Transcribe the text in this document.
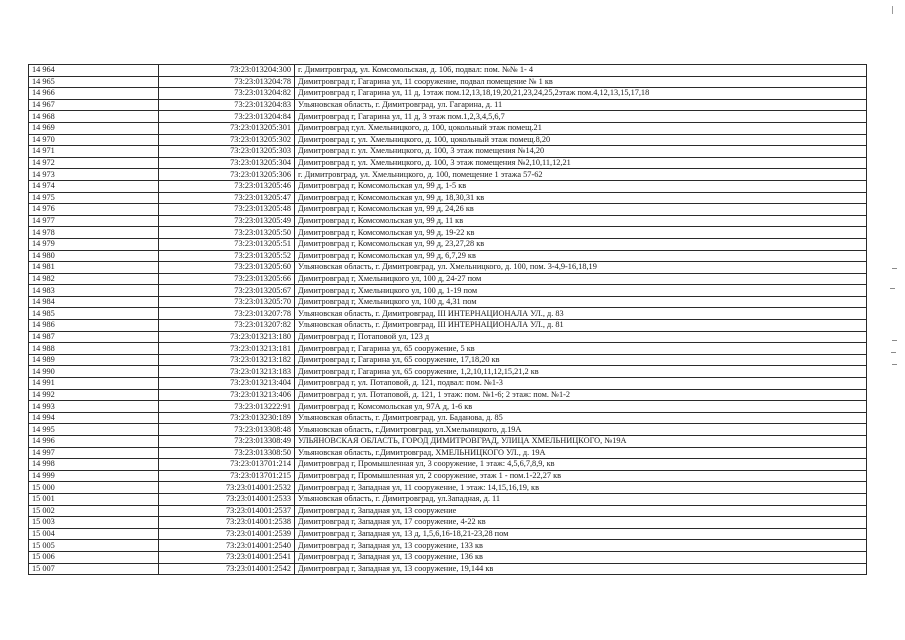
14 964	73:23:013204:300	г. Димитровград, ул. Комсомольская, д. 106, подвал: пом. №№ 1- 4
14 965	73:23:013204:78	Димитровград г, Гагарина ул, 11 сооружение, подвал помещение № 1 кв
14 966	73:23:013204:82	Димитровград г, Гагарина ул, 11 д, 1этаж пом.12,13,18,19,20,21,23,24,25,2этаж пом.4,12,13,15,17,18
14 967	73:23:013204:83	Ульяновская область, г. Димитровград, ул. Гагарина, д. 11
14 968	73:23:013204:84	Димитровград г, Гагарина ул, 11 д, 3 этаж пом.1,2,3,4,5,6,7
14 969	73:23:013205:301	Димитровград г,ул. Хмельницкого, д. 100, цокольный этаж помещ.21
14 970	73:23:013205:302	Димитровград г, ул. Хмельницкого, д. 100, цокольный этаж помещ.8,20
14 971	73:23:013205:303	Димитровград г. ул. Хмельницкого, д. 100, 3 этаж помещения №14,20
14 972	73:23:013205:304	Димитровград г, ул. Хмельницкого, д. 100, 3 этаж помещения №2,10,11,12,21
14 973	73:23:013205:306	г. Димитровград, ул. Хмельницкого, д. 100, помещение 1 этажа 57-62
14 974	73:23:013205:46	Димитровград г, Комсомольская ул, 99 д, 1-5 кв
14 975	73:23:013205:47	Димитровград г, Комсомольская ул, 99 д, 18,30,31 кв
14 976	73:23:013205:48	Димитровград г, Комсомольская ул, 99 д, 24,26 кв
14 977	73:23:013205:49	Димитровград г, Комсомольская ул, 99 д, 11 кв
14 978	73:23:013205:50	Димитровград г, Комсомольская ул, 99 д, 19-22 кв
14 979	73:23:013205:51	Димитровград г, Комсомольская ул, 99 д, 23,27,28 кв
14 980	73:23:013205:52	Димитровград г, Комсомольская ул, 99 д, 6,7,29 кв
14 981	73:23:013205:60	Ульяновская область, г. Димитровград, ул. Хмельницкого, д. 100, пом. 3-4,9-16,18,19
14 982	73:23:013205:66	Димитровград г, Хмельницкого ул, 100 д, 24-27 пом
14 983	73:23:013205:67	Димитровград г, Хмельницкого ул, 100 д, 1-19 пом
14 984	73:23:013205:70	Димитровград г, Хмельницкого ул, 100 д, 4,31 пом
14 985	73:23:013207:78	Ульяновская область, г. Димитровград, III ИНТЕРНАЦИОНАЛА УЛ., д. 83
14 986	73:23:013207:82	Ульяновская область, г. Димитровград, III ИНТЕРНАЦИОНАЛА УЛ., д. 81
14 987	73:23:013213:180	Димитровград г, Потаповой ул, 123 д
14 988	73:23:013213:181	Димитровград г, Гагарина ул, 65 сооружение, 5 кв
14 989	73:23:013213:182	Димитровград г, Гагарина ул, 65 сооружение, 17,18,20 кв
14 990	73:23:013213:183	Димитровград г, Гагарина ул, 65 сооружение, 1,2,10,11,12,15,21,2 кв
14 991	73:23:013213:404	Димитровград г, ул. Потаповой, д. 121, подвал: пом. №1-3
14 992	73:23:013213:406	Димитровград г, ул. Потаповой, д. 121, 1 этаж: пом. №1-6; 2 этаж: пом. №1-2
14 993	73:23:013222:91	Димитровград г, Комсомольская ул, 97А д, 1-6 кв
14 994	73:23:013230:189	Ульяновская область, г. Димитровград, ул. Баданова, д. 85
14 995	73:23:013308:48	Ульяновская область, г.Димитровград, ул.Хмельницкого, д.19А
14 996	73:23:013308:49	УЛЬЯНОВСКАЯ ОБЛАСТЬ, ГОРОД ДИМИТРОВГРАД, УЛИЦА ХМЕЛЬНИЦКОГО, №19А
14 997	73:23:013308:50	Ульяновская область, г.Димитровград, ХМЕЛЬНИЦКОГО УЛ., д. 19А
14 998	73:23:013701:214	Димитровград г, Промышленная ул, 3 сооружение, 1 этаж: 4,5,6,7,8,9, кв
14 999	73:23:013701:215	Димитровград г, Промышленная ул, 2 сооружение, этаж 1 - пом.1-22,27 кв
15 000	73:23:014001:2532	Димитровград г, Западная ул, 11 сооружение, 1 этаж: 14,15,16,19, кв
15 001	73:23:014001:2533	Ульяновская область, г. Димитровград, ул.Западная, д. 11
15 002	73:23:014001:2537	Димитровград г, Западная ул, 13 сооружение
15 003	73:23:014001:2538	Димитровград г, Западная ул, 17 сооружение, 4-22 кв
15 004	73:23:014001:2539	Димитровград г, Западная ул, 13 д, 1,5,6,16-18,21-23,28 пом
15 005	73:23:014001:2540	Димитровград г, Западная ул, 13 сооружение, 133 кв
15 006	73:23:014001:2541	Димитровград г, Западная ул, 13 сооружение, 136 кв
15 007	73:23:014001:2542	Димитровград г, Западная ул, 13 сооружение, 19,144 кв
